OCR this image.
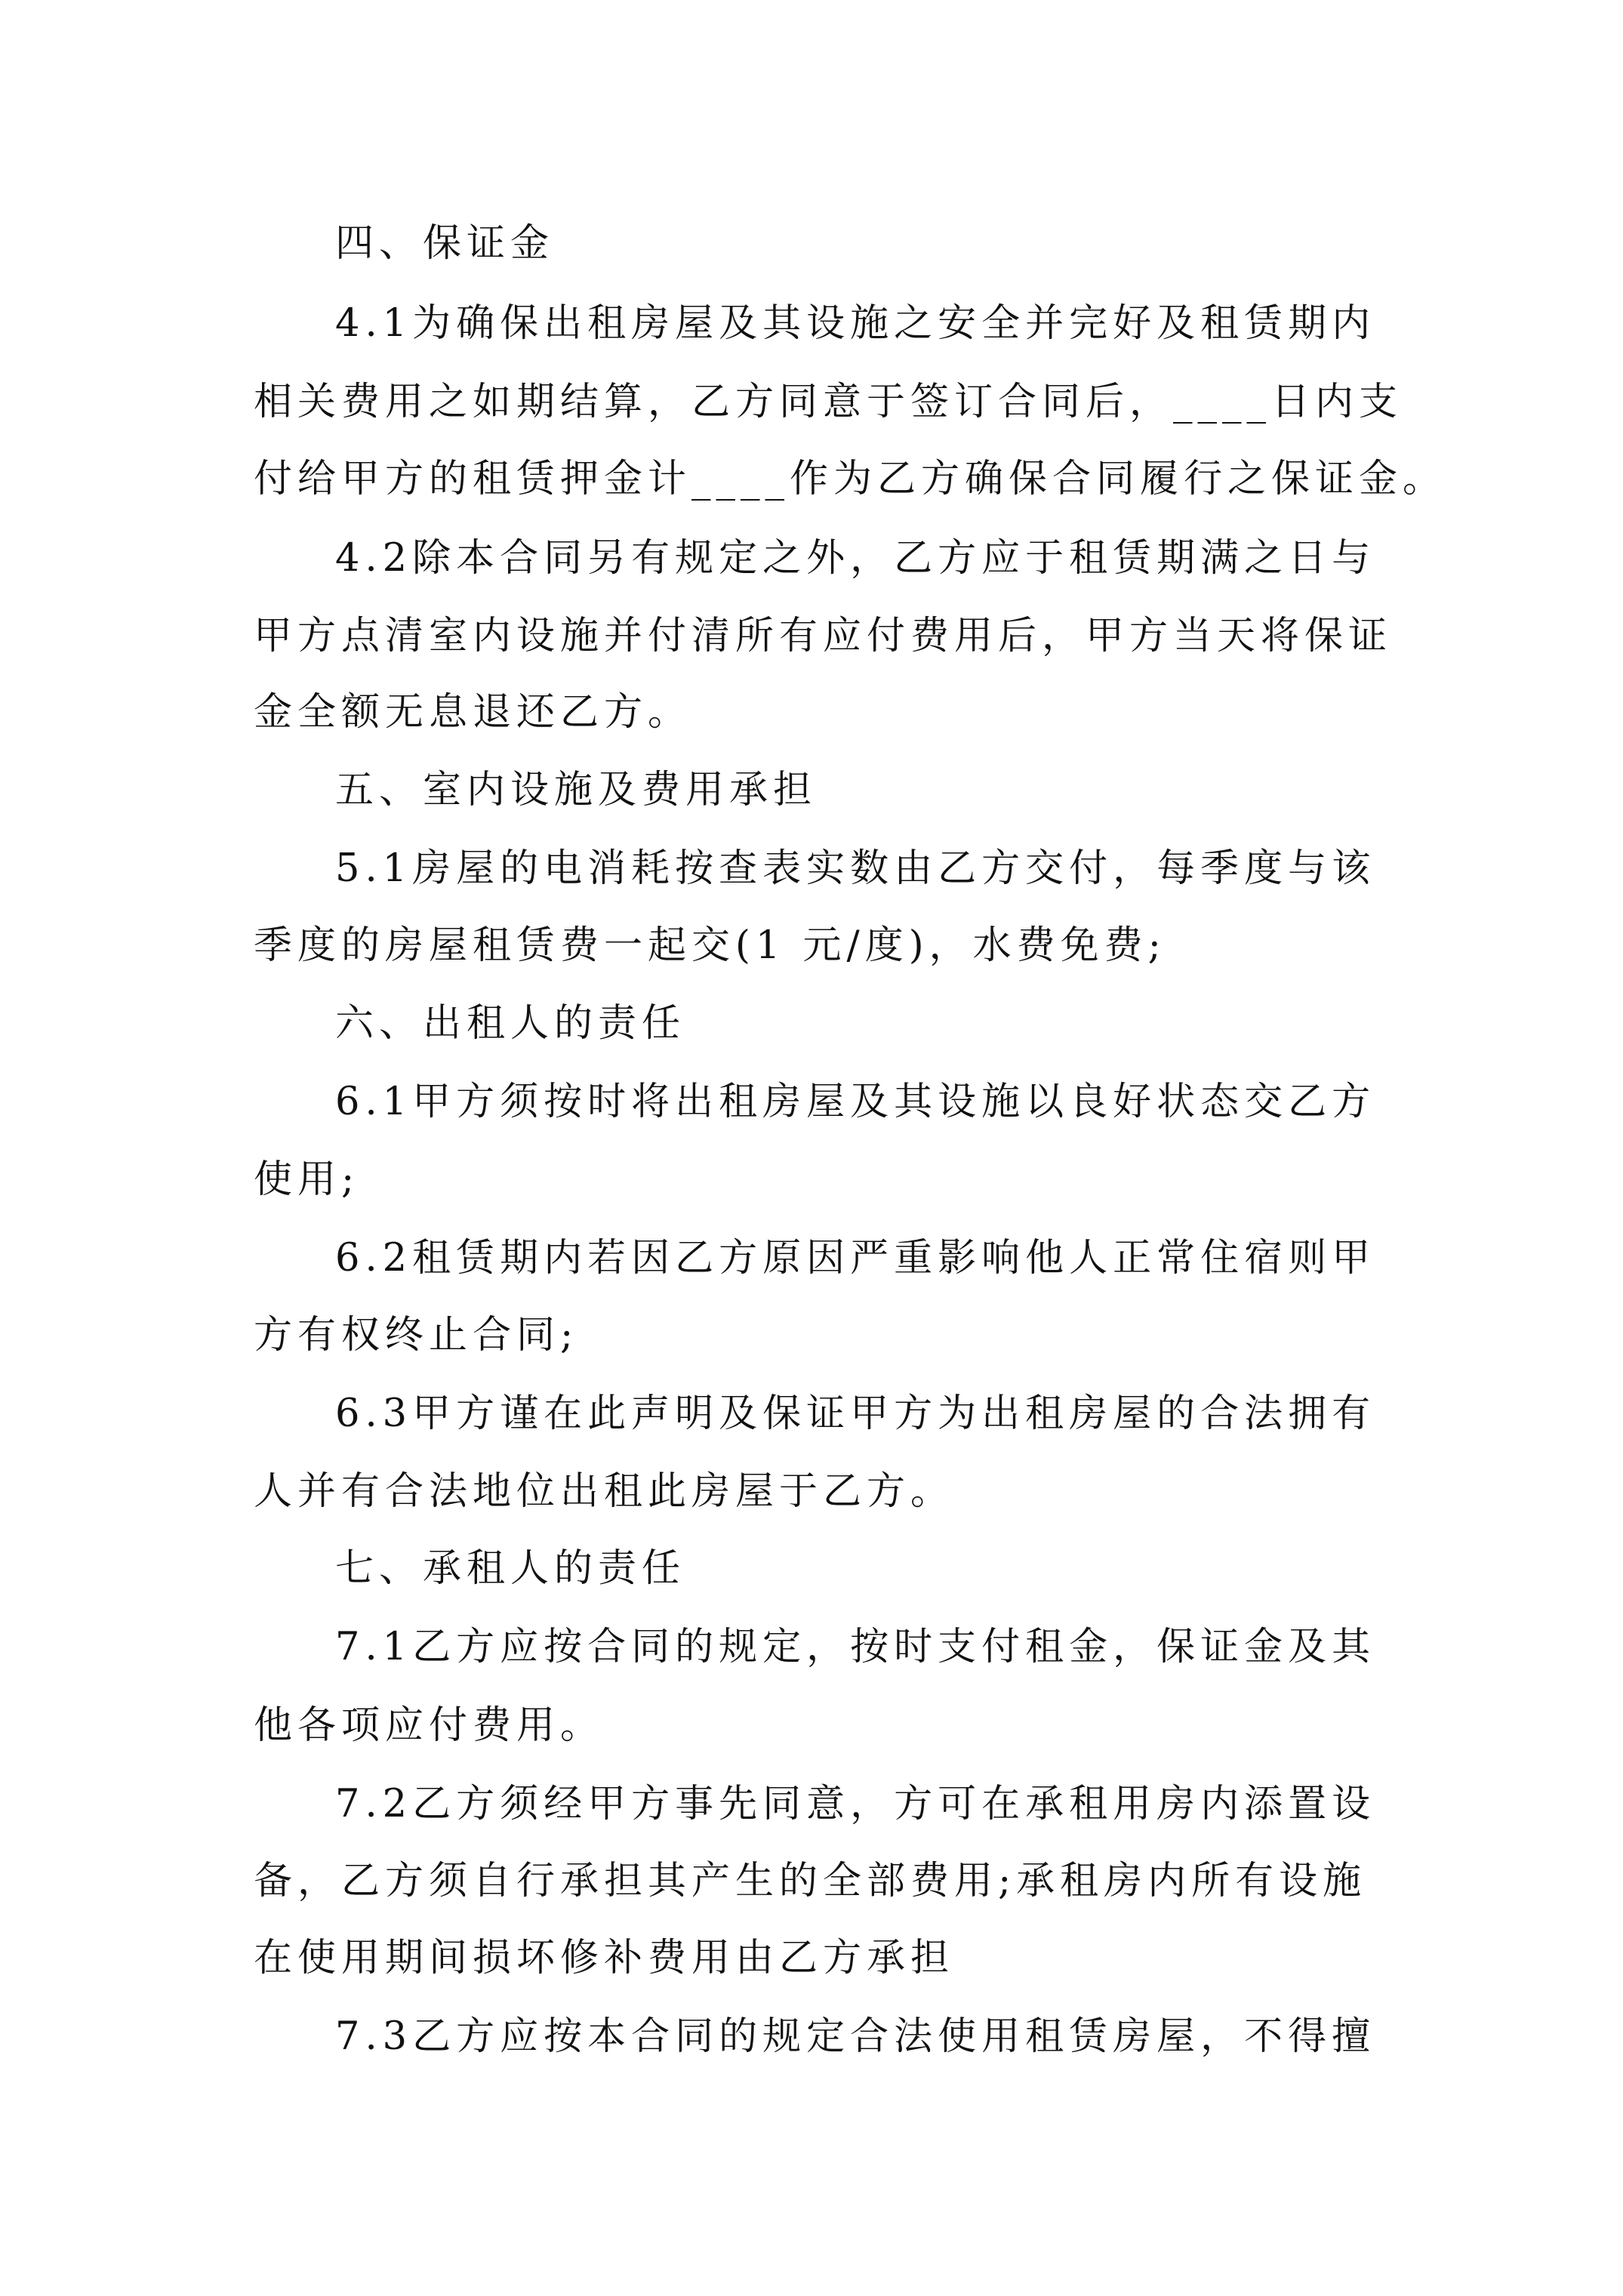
四、保证金
4.1为确保出租房屋及其设施之安全并完好及租赁期内
相关费用之如期结算，乙方同意于签订合同后，____日内支
付给甲方的租赁押金计____作为乙方确保合同履行之保证金。
4.2除本合同另有规定之外，乙方应于租赁期满之日与
甲方点清室内设施并付清所有应付费用后，甲方当天将保证
金全额无息退还乙方。
五、室内设施及费用承担
5.1房屋的电消耗按查表实数由乙方交付，每季度与该
季度的房屋租赁费一起交(1 元/度)，水费免费;
六、出租人的责任
6.1甲方须按时将出租房屋及其设施以良好状态交乙方
使用;
6.2租赁期内若因乙方原因严重影响他人正常住宿则甲
方有权终止合同;
6.3甲方谨在此声明及保证甲方为出租房屋的合法拥有
人并有合法地位出租此房屋于乙方。
七、承租人的责任
7.1乙方应按合同的规定，按时支付租金，保证金及其
他各项应付费用。
7.2乙方须经甲方事先同意，方可在承租用房内添置设
备，乙方须自行承担其产生的全部费用;承租房内所有设施
在使用期间损坏修补费用由乙方承担
7.3乙方应按本合同的规定合法使用租赁房屋，不得擅
